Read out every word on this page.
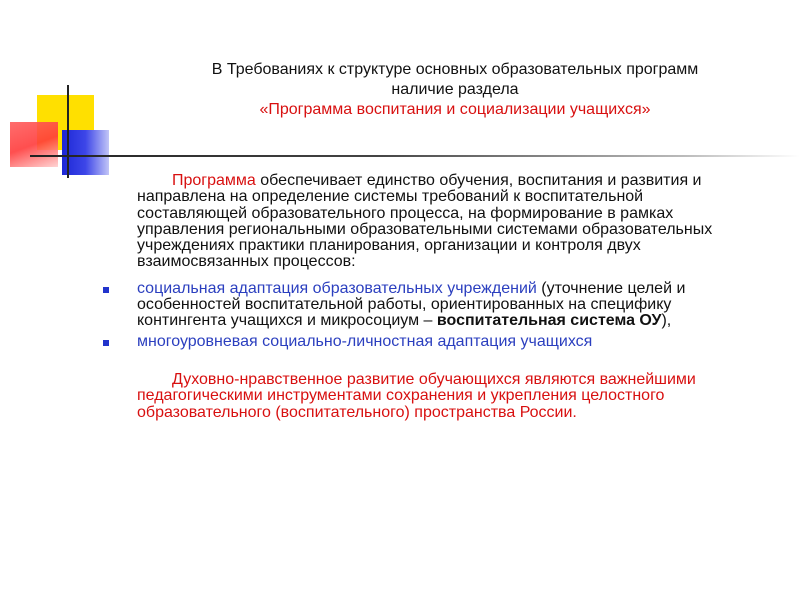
В Требованиях к структуре основных образовательных программ
наличие раздела
«Программа воспитания и социализации учащихся»
Программа обеспечивает единство обучения, воспитания и развития и направлена на определение системы требований к воспитательной составляющей образовательного процесса, на формирование в рамках управления региональными образовательными системами образовательных учреждениях практики планирования, организации и контроля двух взаимосвязанных процессов:
социальная адаптация образовательных учреждений (уточнение целей и особенностей воспитательной работы, ориентированных на специфику контингента учащихся и микросоциум – воспитательная система ОУ),
многоуровневая социально-личностная адаптация учащихся
Духовно-нравственное развитие обучающихся являются важнейшими педагогическими инструментами сохранения и укрепления целостного образовательного (воспитательного) пространства России.
